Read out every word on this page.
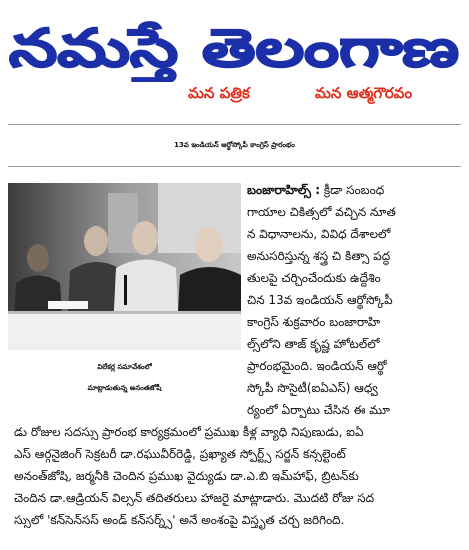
నమస్తే తెలంగాణ
మన పత్రిక	మన ఆత్మగౌరవం
13వ ఇండియన్ ఆర్థోస్కోపీ కాంగ్రెస్ ప్రారంభం
విలేకర్ల సమావేశంలో
మాట్లాడుతున్న అనంతజోషీ
బంజారాహిల్స్ : క్రీడా సంబంధ
గాయాల చికిత్సలో వచ్చిన నూత
న విధానాలను, వివిధ దేశాలలో
అనుసరిస్తున్న శస్త్ర చి కిత్సా పద్ధ
తులపై చర్చించేందుకు ఉద్దేశిం
చిన 13వ ఇండియన్ ఆర్థోస్కోపీ
కాంగ్రెస్ శుక్రవారం బంజారాహి
ల్స్‌లోని తాజ్ కృష్ణ హోటల్‌లో
ప్రారంభమైంది. ఇండియన్ ఆర్థో
స్కోపీ సొసైటీ(ఐఏఎస్) ఆధ్వ
ర్యంలో ఏర్పాటు చేసిన ఈ మూ
డు రోజుల సదస్సు ప్రారంభ కార్యక్రమంలో ప్రముఖ కీళ్ల వ్యాధి నిపుణుడు, ఐఏ
ఎస్ ఆర్గనైజింగ్ సెక్రటరీ డా.రఘువీర్‌రెడ్డి, ప్రఖ్యాత స్పోర్ట్స్ సర్జన్ కన్సల్టెంట్
అనంత్‌జోషి, జర్మనీకి చెందిన ప్రముఖ వైద్యుడు డా.ఎ.బి ఇమ్‌హాఫ్, బ్రిటన్‌కు
చెందిన డా.ఆడ్రియన్ విల్సన్ తదితరులు హాజరై మాట్లాడారు. మొదటి రోజు సద
స్సులో 'కన్‌సెన్‌సస్ అండ్ కన్‌సర్న్స్' అనే అంశంపై విస్తృత చర్చ జరిగింది.
